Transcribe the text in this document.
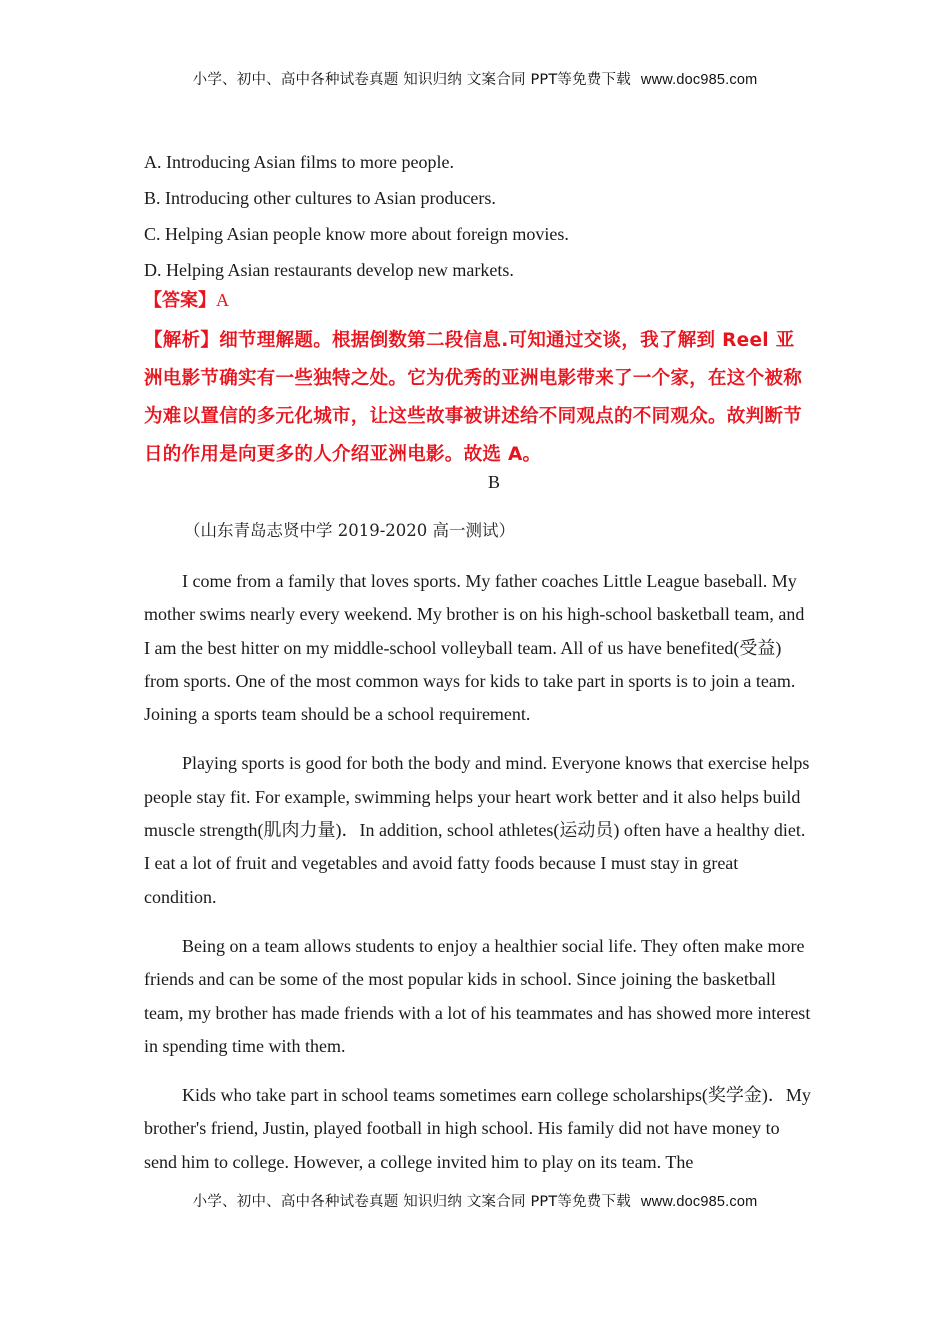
小学、初中、高中各种试卷真题 知识归纳 文案合同 PPT等免费下载 www.doc985.com
A. Introducing Asian films to more people.
B. Introducing other cultures to Asian producers.
C. Helping Asian people know more about foreign movies.
D. Helping Asian restaurants develop new markets.
【答案】A
【解析】细节理解题。根据倒数第二段信息.可知通过交谈，我了解到 Reel 亚洲电影节确实有一些独特之处。它为优秀的亚洲电影带来了一个家，在这个被称为难以置信的多元化城市，让这些故事被讲述给不同观点的不同观众。故判断节日的作用是向更多的人介绍亚洲电影。故选 A。
B
（山东青岛志贤中学 2019-2020 高一测试）

I come from a family that loves sports. My father coaches Little League baseball. My mother swims nearly every weekend. My brother is on his high-school basketball team, and I am the best hitter on my middle-school volleyball team. All of us have benefited(受益) from sports. One of the most common ways for kids to take part in sports is to join a team. Joining a sports team should be a school requirement.

Playing sports is good for both the body and mind. Everyone knows that exercise helps people stay fit. For example, swimming helps your heart work better and it also helps build muscle strength(肌肉力量)．In addition, school athletes(运动员) often have a healthy diet. I eat a lot of fruit and vegetables and avoid fatty foods because I must stay in great condition.

Being on a team allows students to enjoy a healthier social life. They often make more friends and can be some of the most popular kids in school. Since joining the basketball team, my brother has made friends with a lot of his teammates and has showed more interest in spending time with them.

Kids who take part in school teams sometimes earn college scholarships(奖学金)．My brother's friend, Justin, played football in high school. His family did not have money to send him to college. However, a college invited him to play on its team. The

小学、初中、高中各种试卷真题 知识归纳 文案合同 PPT等免费下载 www.doc985.com
